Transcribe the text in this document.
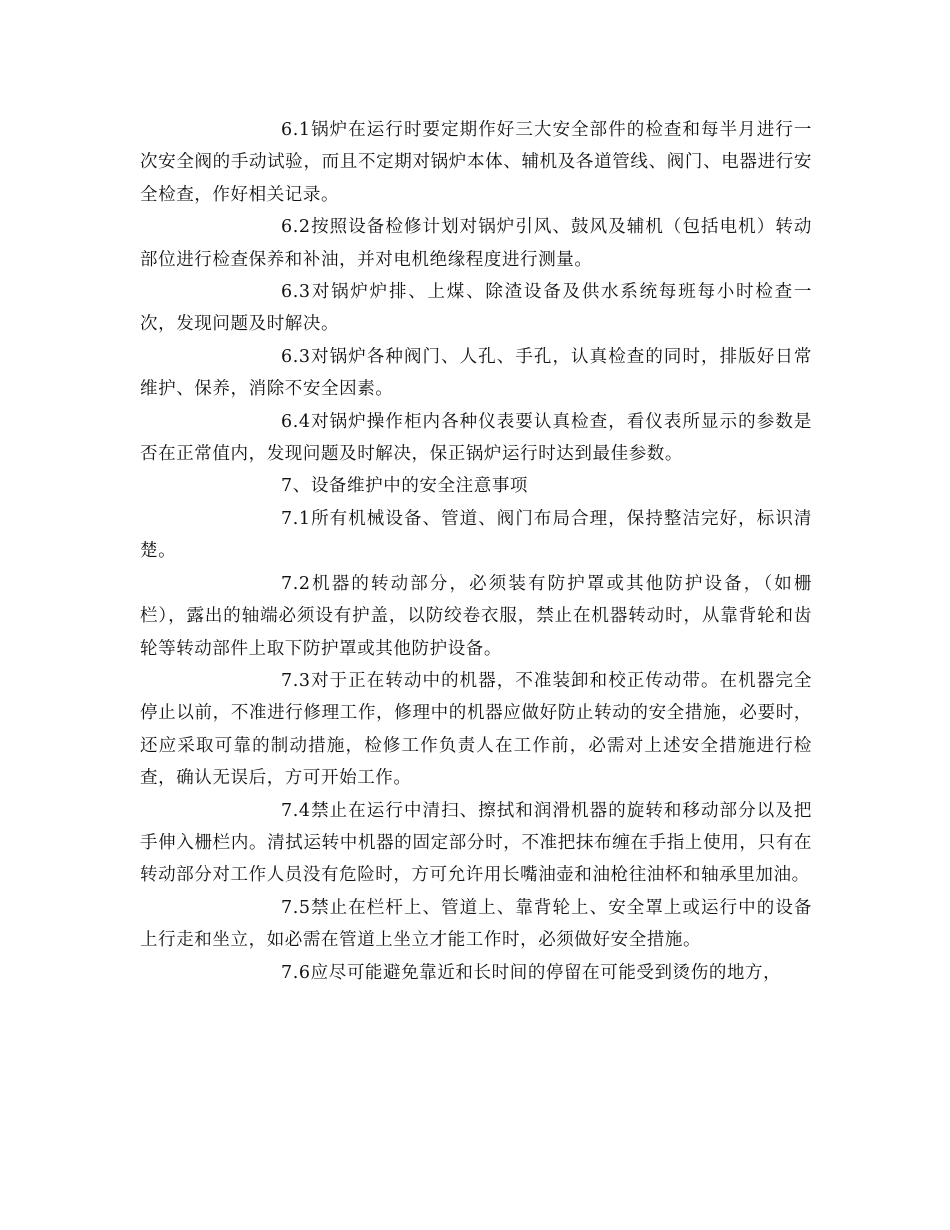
6.1锅炉在运行时要定期作好三大安全部件的检查和每半月进行一次安全阀的手动试验，而且不定期对锅炉本体、辅机及各道管线、阀门、电器进行安全检查，作好相关记录。

6.2按照设备检修计划对锅炉引风、鼓风及辅机（包括电机）转动部位进行检查保养和补油，并对电机绝缘程度进行测量。

6.3对锅炉炉排、上煤、除渣设备及供水系统每班每小时检查一次，发现问题及时解决。

6.3对锅炉各种阀门、人孔、手孔，认真检查的同时，排版好日常维护、保养，消除不安全因素。

6.4对锅炉操作柜内各种仪表要认真检查，看仪表所显示的参数是否在正常值内，发现问题及时解决，保正锅炉运行时达到最佳参数。

7、设备维护中的安全注意事项

7.1所有机械设备、管道、阀门布局合理，保持整洁完好，标识清楚。

7.2机器的转动部分，必须装有防护罩或其他防护设备，（如栅栏），露出的轴端必须设有护盖，以防绞卷衣服，禁止在机器转动时，从靠背轮和齿轮等转动部件上取下防护罩或其他防护设备。

7.3对于正在转动中的机器，不准装卸和校正传动带。在机器完全停止以前，不准进行修理工作，修理中的机器应做好防止转动的安全措施，必要时，还应采取可靠的制动措施，检修工作负责人在工作前，必需对上述安全措施进行检查，确认无误后，方可开始工作。

7.4禁止在运行中清扫、擦拭和润滑机器的旋转和移动部分以及把手伸入栅栏内。清拭运转中机器的固定部分时，不准把抹布缠在手指上使用，只有在转动部分对工作人员没有危险时，方可允许用长嘴油壶和油枪往油杯和轴承里加油。

7.5禁止在栏杆上、管道上、靠背轮上、安全罩上或运行中的设备上行走和坐立，如必需在管道上坐立才能工作时，必须做好安全措施。

7.6应尽可能避免靠近和长时间的停留在可能受到烫伤的地方，
